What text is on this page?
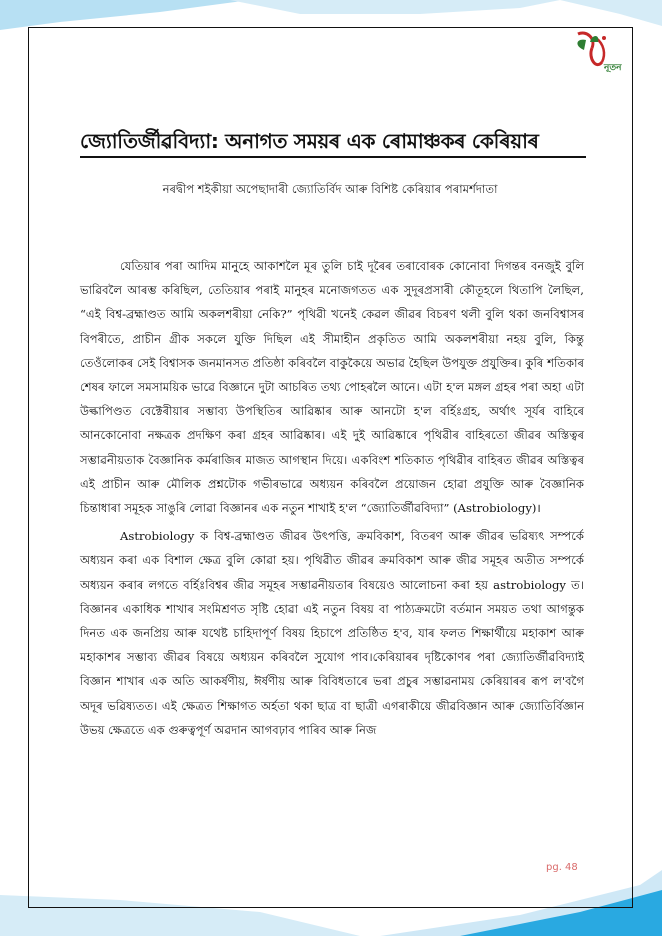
নূতন
জ্যোতিৰ্জীৱবিদ্যা: অনাগত সময়ৰ এক ৰোমাঞ্চকৰ কেৰিয়াৰ
নৰদ্বীপ শইকীয়া অপেছাদাৰী জ্যোতিৰ্বিদ আৰু বিশিষ্ট কেৰিয়াৰ পৰামৰ্শদাতা

যেতিয়াৰ পৰা আদিম মানুহে আকাশলৈ মূৰ তুলি চাই দূৰৈৰ তৰাবোৰক কোনোবা দিগন্তৰ বনজুই বুলি ভাৱিবলৈ আৰম্ভ কৰিছিল, তেতিয়াৰ পৰাই মানুহৰ মনোজগতত এক সুদূৰপ্ৰসাৰী কৌতূহলে থিতাপি লৈছিল, “এই বিশ্ব-ব্ৰহ্মাণ্ডত আমি অকলশৰীয়া নেকি?” পৃথিৱী খনেই কেৱল জীৱৰ বিচৰণ থলী বুলি থকা জনবিশ্বাসৰ বিপৰীতে, প্ৰাচীন গ্ৰীক সকলে যুক্তি দিছিল এই সীমাহীন প্ৰকৃতিত আমি অকলশৰীয়া নহয় বুলি, কিন্তু তেওঁলোকৰ সেই বিশ্বাসক জনমানসত প্ৰতিষ্ঠা কৰিবলৈ বাকুকৈয়ে অভাৱ হৈছিল উপযুক্ত প্ৰযুক্তিৰ। কুৰি শতিকাৰ শেষৰ ফালে সমসাময়িক ভাৱে বিজ্ঞানে দুটা আচৰিত তথ্য পোহৰলৈ আনে। এটা হ'ল মঙ্গল গ্ৰহৰ পৰা অহা এটা উল্কাপিণ্ডত বেক্টেৰীয়াৰ সম্ভাব্য উপস্থিতিৰ আৱিষ্কাৰ আৰু আনটো হ'ল বৰ্হিঃগ্ৰহ, অৰ্থাৎ সূৰ্যৰ বাহিৰে আনকোনোবা নক্ষত্ৰক প্ৰদক্ষিণ কৰা গ্ৰহৰ আৱিষ্কাৰ। এই দুই আৱিষ্কাৰে পৃথিৱীৰ বাহিৰতো জীৱৰ অস্তিত্বৰ সম্ভাৱনীয়তাক বৈজ্ঞানিক কৰ্মৰাজিৰ মাজত আগস্থান দিয়ে। একবিংশ শতিকাত পৃথিৱীৰ বাহিৰত জীৱৰ অস্তিত্বৰ এই প্ৰাচীন আৰু মৌলিক প্ৰশ্নটোক গভীৰভাৱে অধ্যয়ন কৰিবলৈ প্ৰয়োজন হোৱা প্ৰযুক্তি আৰু বৈজ্ঞানিক চিন্তাধাৰা সমূহক সাঙুৰি লোৱা বিজ্ঞানৰ এক নতুন শাখাই হ'ল “জ্যোতিৰ্জীৱবিদ্যা” (Astrobiology)।

Astrobiology ক বিশ্ব-ব্ৰহ্মাণ্ডত জীৱৰ উৎপত্তি, ক্ৰমবিকাশ, বিতৰণ আৰু জীৱৰ ভৱিষ্যৎ সম্পৰ্কে অধ্যয়ন কৰা এক বিশাল ক্ষেত্ৰ বুলি কোৱা হয়। পৃথিৱীত জীৱৰ ক্ৰমবিকাশ আৰু জীৱ সমূহৰ অতীত সম্পৰ্কে অধ্যয়ন কৰাৰ লগতে বৰ্হিঃবিশ্বৰ জীৱ সমূহৰ সম্ভাৱনীয়তাৰ বিষয়েও আলোচনা কৰা হয় astrobiology ত। বিজ্ঞানৰ একাধিক শাখাৰ সংমিশ্ৰণত সৃষ্টি হোৱা এই নতুন বিষয় বা পাঠ্যক্ৰমটো বৰ্তমান সময়ত তথা আগন্তুক দিনত এক জনপ্ৰিয় আৰু যথেষ্ট চাহিদাপূৰ্ণ বিষয় হিচাপে প্ৰতিষ্ঠিত হ'ব, যাৰ ফলত শিক্ষাৰ্থীয়ে মহাকাশ আৰু মহাকাশৰ সম্ভাব্য জীৱৰ বিষয়ে অধ্যয়ন কৰিবলৈ সুযোগ পাব।কেৰিয়াৰৰ দৃষ্টিকোণৰ পৰা জ্যোতিৰ্জীৱবিদ্যাই বিজ্ঞান শাখাৰ এক অতি আকৰ্ষণীয়, ঈৰ্ষণীয় আৰু বিবিধতাৰে ভৰা প্ৰচুৰ সম্ভাৱনাময় কেৰিয়াৰৰ ৰূপ ল'বগৈ অদূৰ ভৱিষ্যতত। এই ক্ষেত্ৰত শিক্ষাগত অৰ্হতা থকা ছাত্ৰ বা ছাত্ৰী এগৰাকীয়ে জীৱবিজ্ঞান আৰু জ্যোতিৰ্বিজ্ঞান উভয় ক্ষেত্ৰতে এক গুৰুত্বপূৰ্ণ অৱদান আগবঢ়াব পাৰিব আৰু নিজ

pg. 48
